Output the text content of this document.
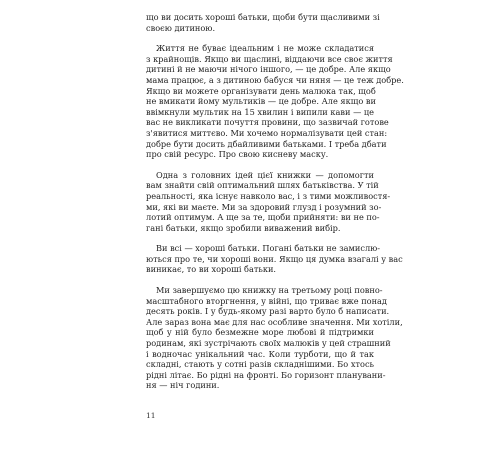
що ви досить хороші батьки, щоби бути щасливими зі
своєю дитиною.
Життя не буває ідеальним і не може складатися
з крайнощів. Якщо ви щаслині, віддаючи все своє життя
дитині й не маючи нічого іншого, — це добре. Але якщо
мама працює, а з дитиною бабуся чи няня — це теж добре.
Якщо ви можете організувати день малюка так, щоб
не вмикати йому мультиків — це добре. Але якщо ви
ввімкнули мультик на 15 хвилин і випили кави — це
вас не викликати почуття провини, що зазвичай готове
з'явитися миттєво. Ми хочемо нормалізувати цей стан:
добре бути досить дбайливими батьками. І треба дбати
про свій ресурс. Про свою кисневу маску.
Одна з головних ідей цієї книжки — допомогти
вам знайти свій оптимальний шлях батьківства. У тій
реальності, яка існує навколо вас, і з тими можливостя-
ми, які ви маєте. Ми за здоровий глузд і розумний зо-
лотий оптимум. А ще за те, щоби прийняти: ви не по-
гані батьки, якщо зробили виважений вибір.
Ви всі — хороші батьки. Погані батьки не замислю-
ються про те, чи хороші вони. Якщо ця думка взагалі у вас
виникає, то ви хороші батьки.
Ми завершуємо цю книжку на третьому році повно-
масштабного вторгнення, у війні, що триває вже понад
десять років. І у будь-якому разі варто було б написати.
Але зараз вона має для нас особливе значення. Ми хотіли,
щоб у ній було безмежне море любові й підтримки
родинам, які зустрічають своїх малюків у цей страшний
і водночас унікальний час. Коли турботи, що й так
складні, стають у сотні разів складнішими. Бо хтось
рідні літає. Бо рідні на фронті. Бо горизонт планувани-
ня — ніч години.
11
